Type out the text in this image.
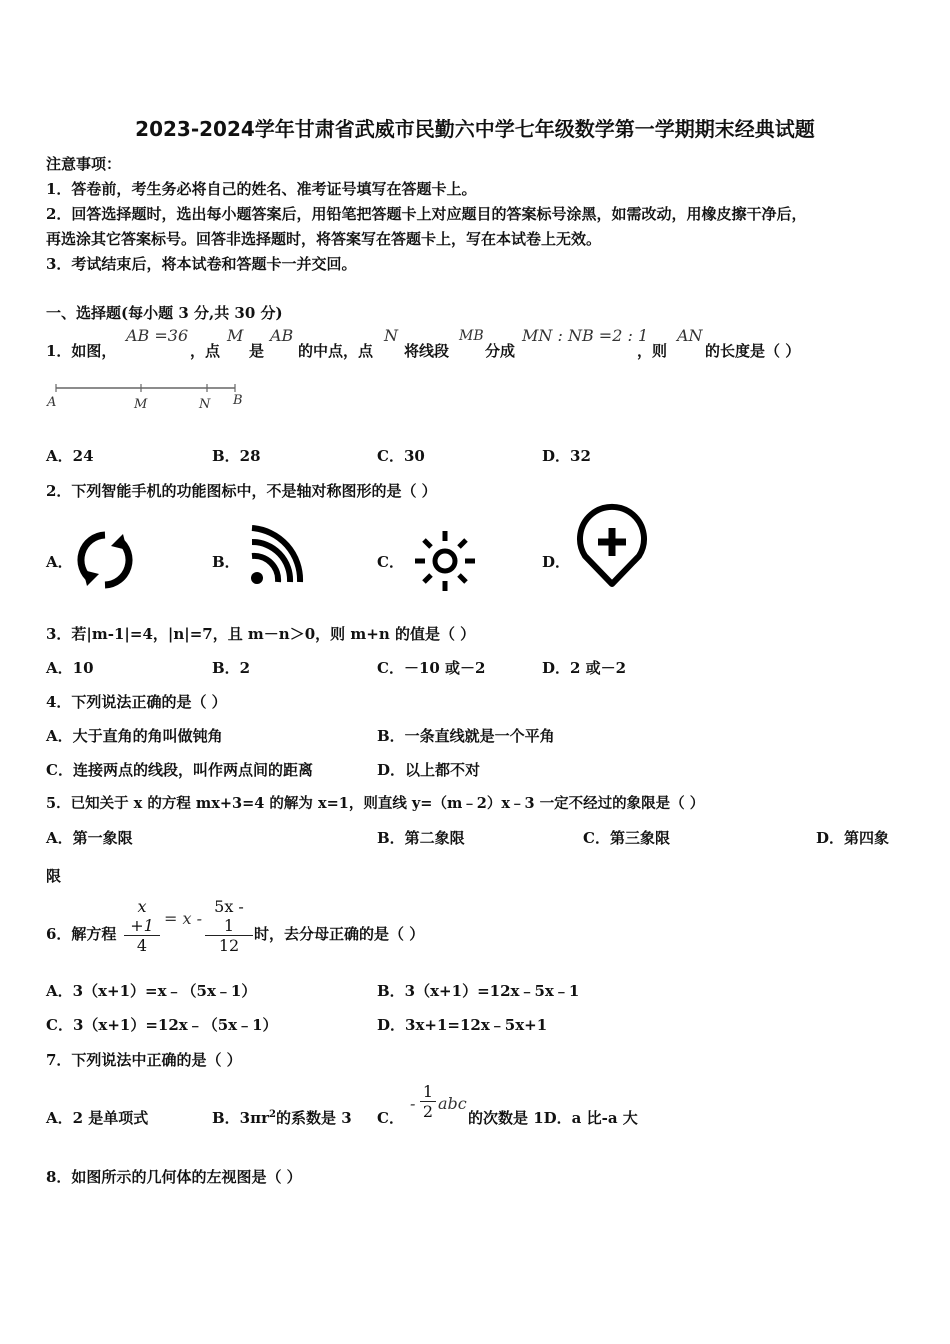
2023-2024学年甘肃省武威市民勤六中学七年级数学第一学期期末经典试题
注意事项：
1．答卷前，考生务必将自己的姓名、准考证号填写在答题卡上。
2．回答选择题时，选出每小题答案后，用铅笔把答题卡上对应题目的答案标号涂黑，如需改动，用橡皮擦干净后，
再选涂其它答案标号。回答非选择题时，将答案写在答题卡上，写在本试卷上无效。
3．考试结束后，将本试卷和答题卡一并交回。
一、选择题(每小题 3 分,共 30 分)
1．如图，
AB =36
，点
M
是
AB
的中点，点
N
将线段
MB
分成
MN : NB =2 : 1
，则
AN
的长度是（ ）
A	M	N B
A．24	B．28	C．30	D．32
2．下列智能手机的功能图标中，不是轴对称图形的是（ ）
A．	B．	C．	D．
3．若|m-1|=4，|n|=7，且 m－n＞0，则 m+n 的值是（ ）
A．10	B．2	C．－10 或－2	D．2 或－2
4．下列说法正确的是（ ）
A．大于直角的角叫做钝角	B．一条直线就是一个平角
C．连接两点的线段，叫作两点间的距离	D．以上都不对
5．已知关于 x 的方程 mx+3=4 的解为 x=1，则直线 y=（m﹣2）x﹣3 一定不经过的象限是（ ）
A．第一象限	B．第二象限	C．第三象限	D．第四象
限
6．解方程
x +1
4
= x -
5x - 1
12
时，去分母正确的是（ ）
A．3（x+1）=x﹣（5x﹣1）	B．3（x+1）=12x﹣5x﹣1
C．3（x+1）=12x﹣（5x﹣1）	D．3x+1=12x﹣5x+1
7．下列说法中正确的是（ ）
A．2 是单项式	B．$3\pi r^2$的系数是 3 C．
-
1
2 abc
的次数是 1D．a 比-a 大
8．如图所示的几何体的左视图是（ ）
